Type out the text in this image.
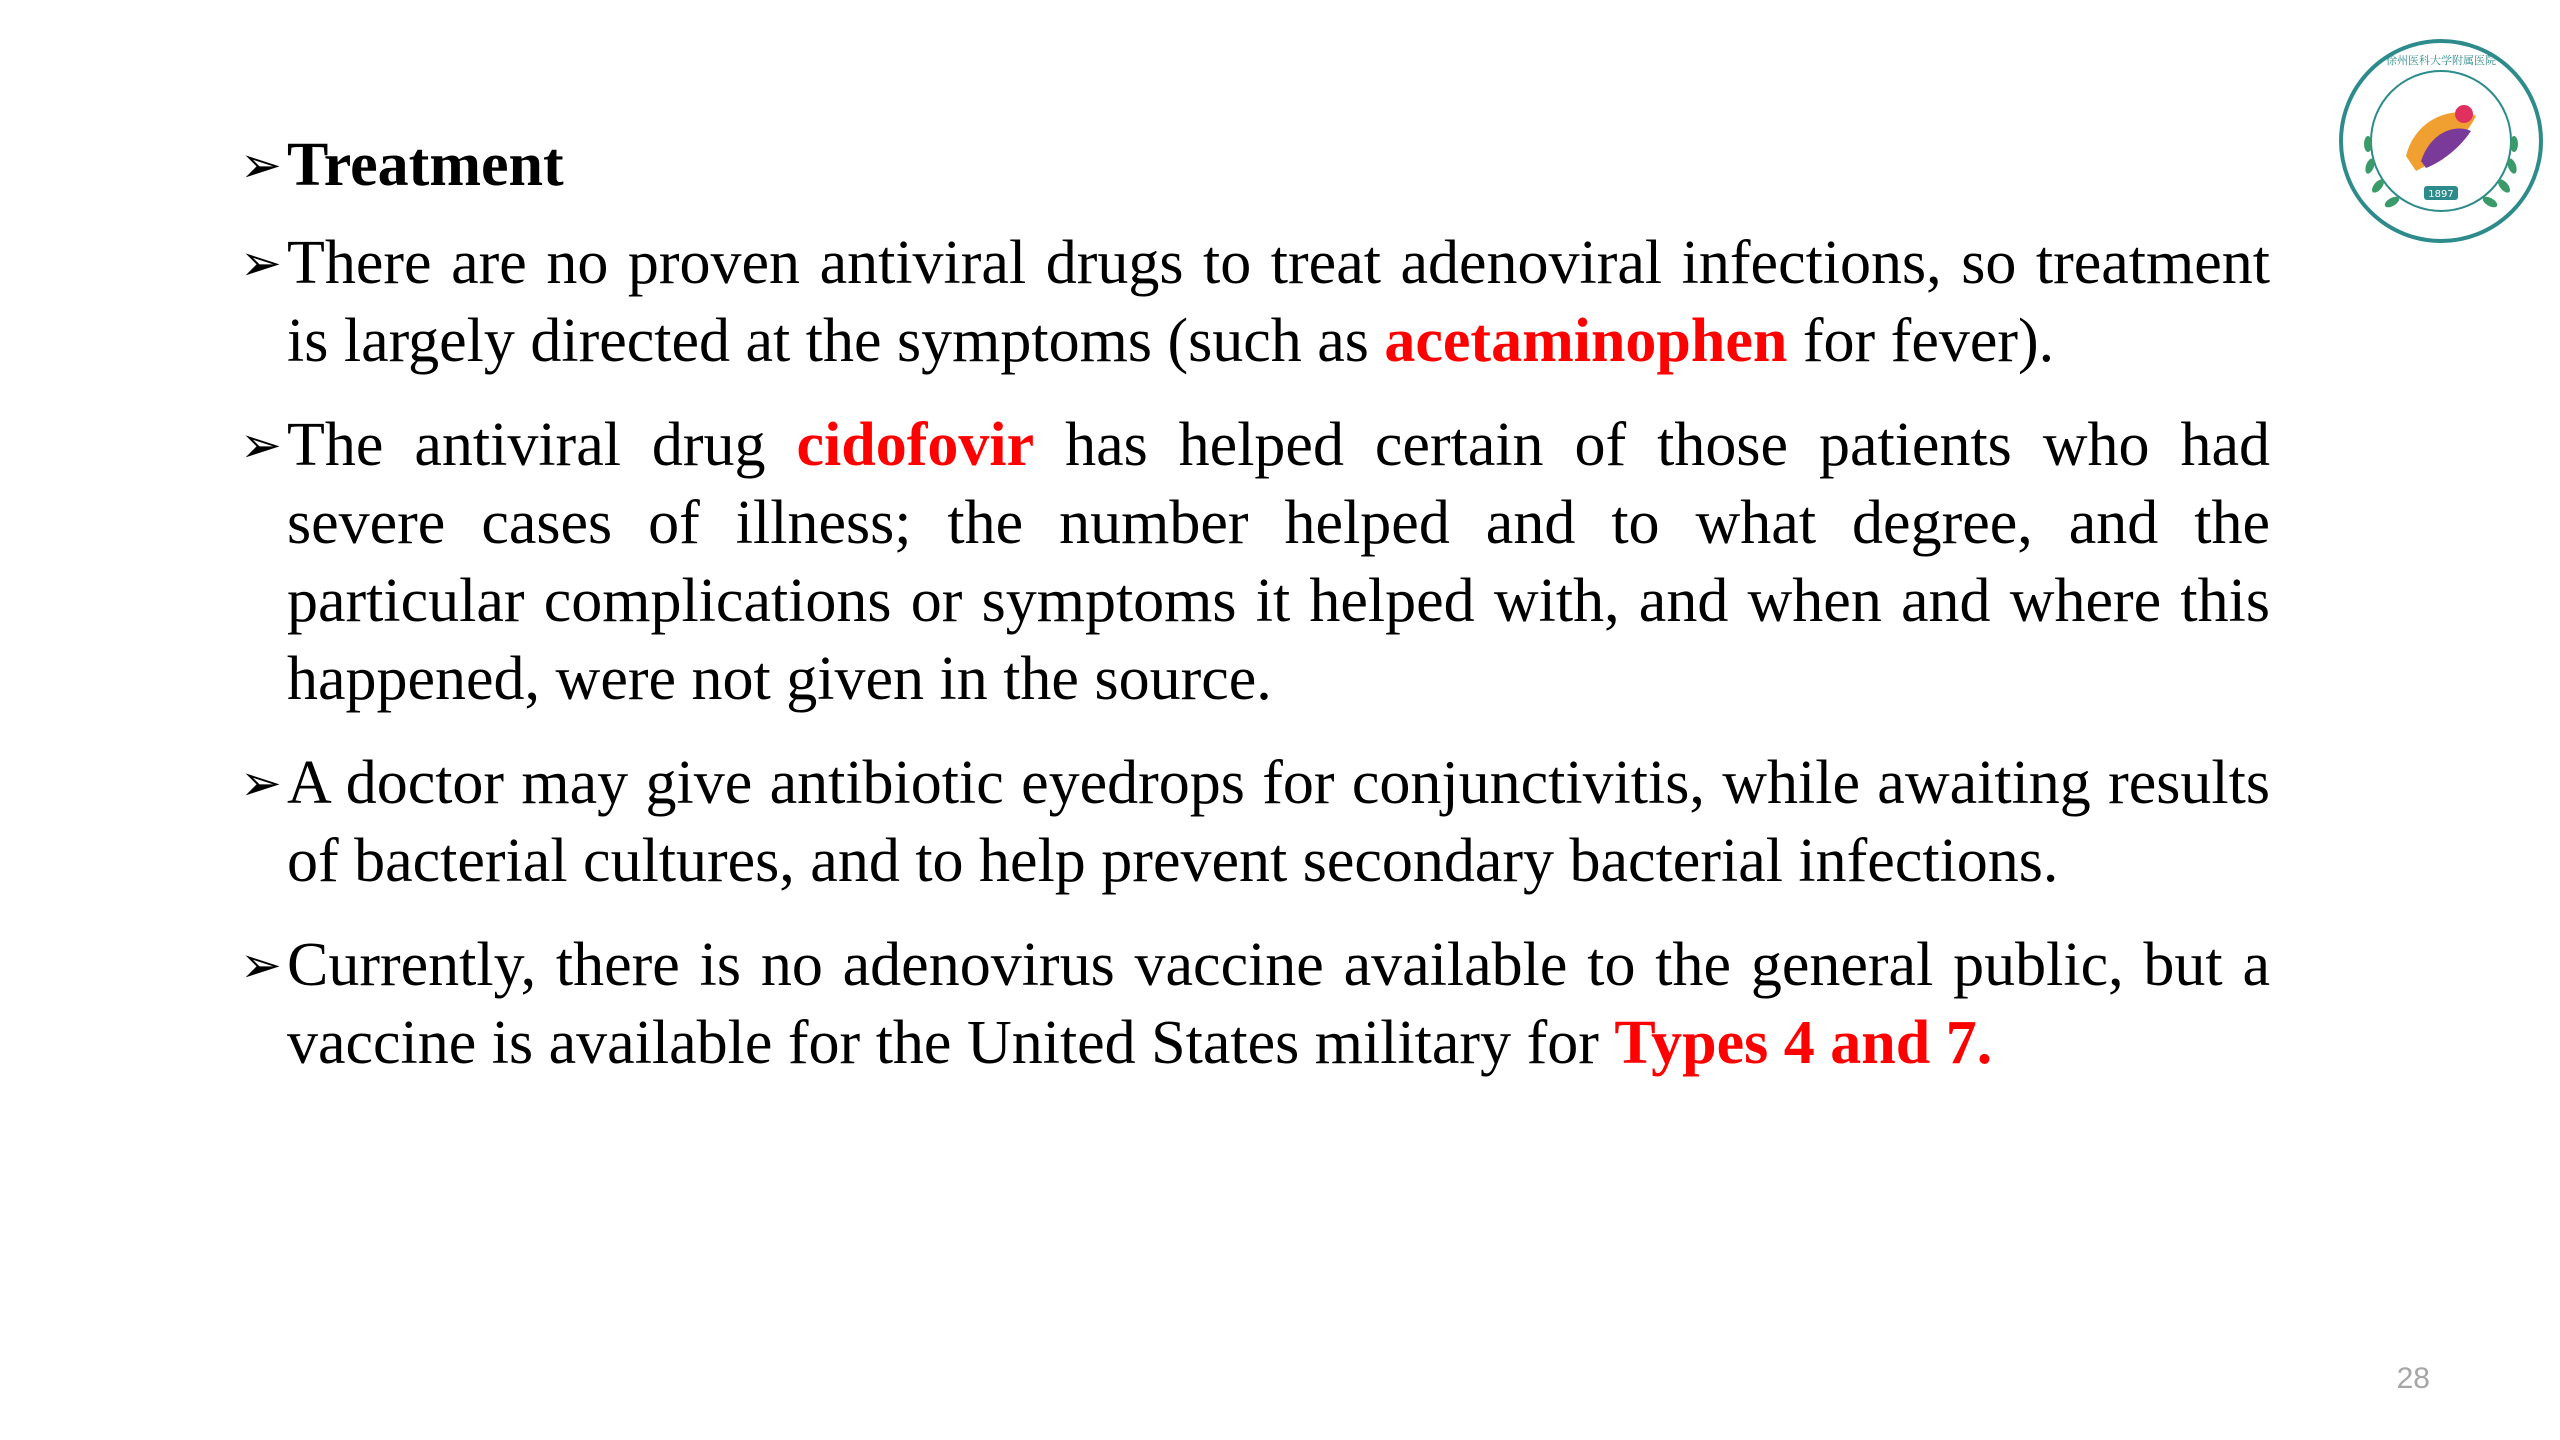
1897
徐州医科大学附属医院
➢ Treatment
➢ There are no proven antiviral drugs to treat adenoviral infections, so treatment is largely directed at the symptoms (such as acetaminophen for fever).
➢ The antiviral drug cidofovir has helped certain of those patients who had severe cases of illness; the number helped and to what degree, and the particular complications or symptoms it helped with, and when and where this happened, were not given in the source.
➢ A doctor may give antibiotic eyedrops for conjunctivitis, while awaiting results of bacterial cultures, and to help prevent secondary bacterial infections.
➢ Currently, there is no adenovirus vaccine available to the general public, but a vaccine is available for the United States military for Types 4 and 7.
28
